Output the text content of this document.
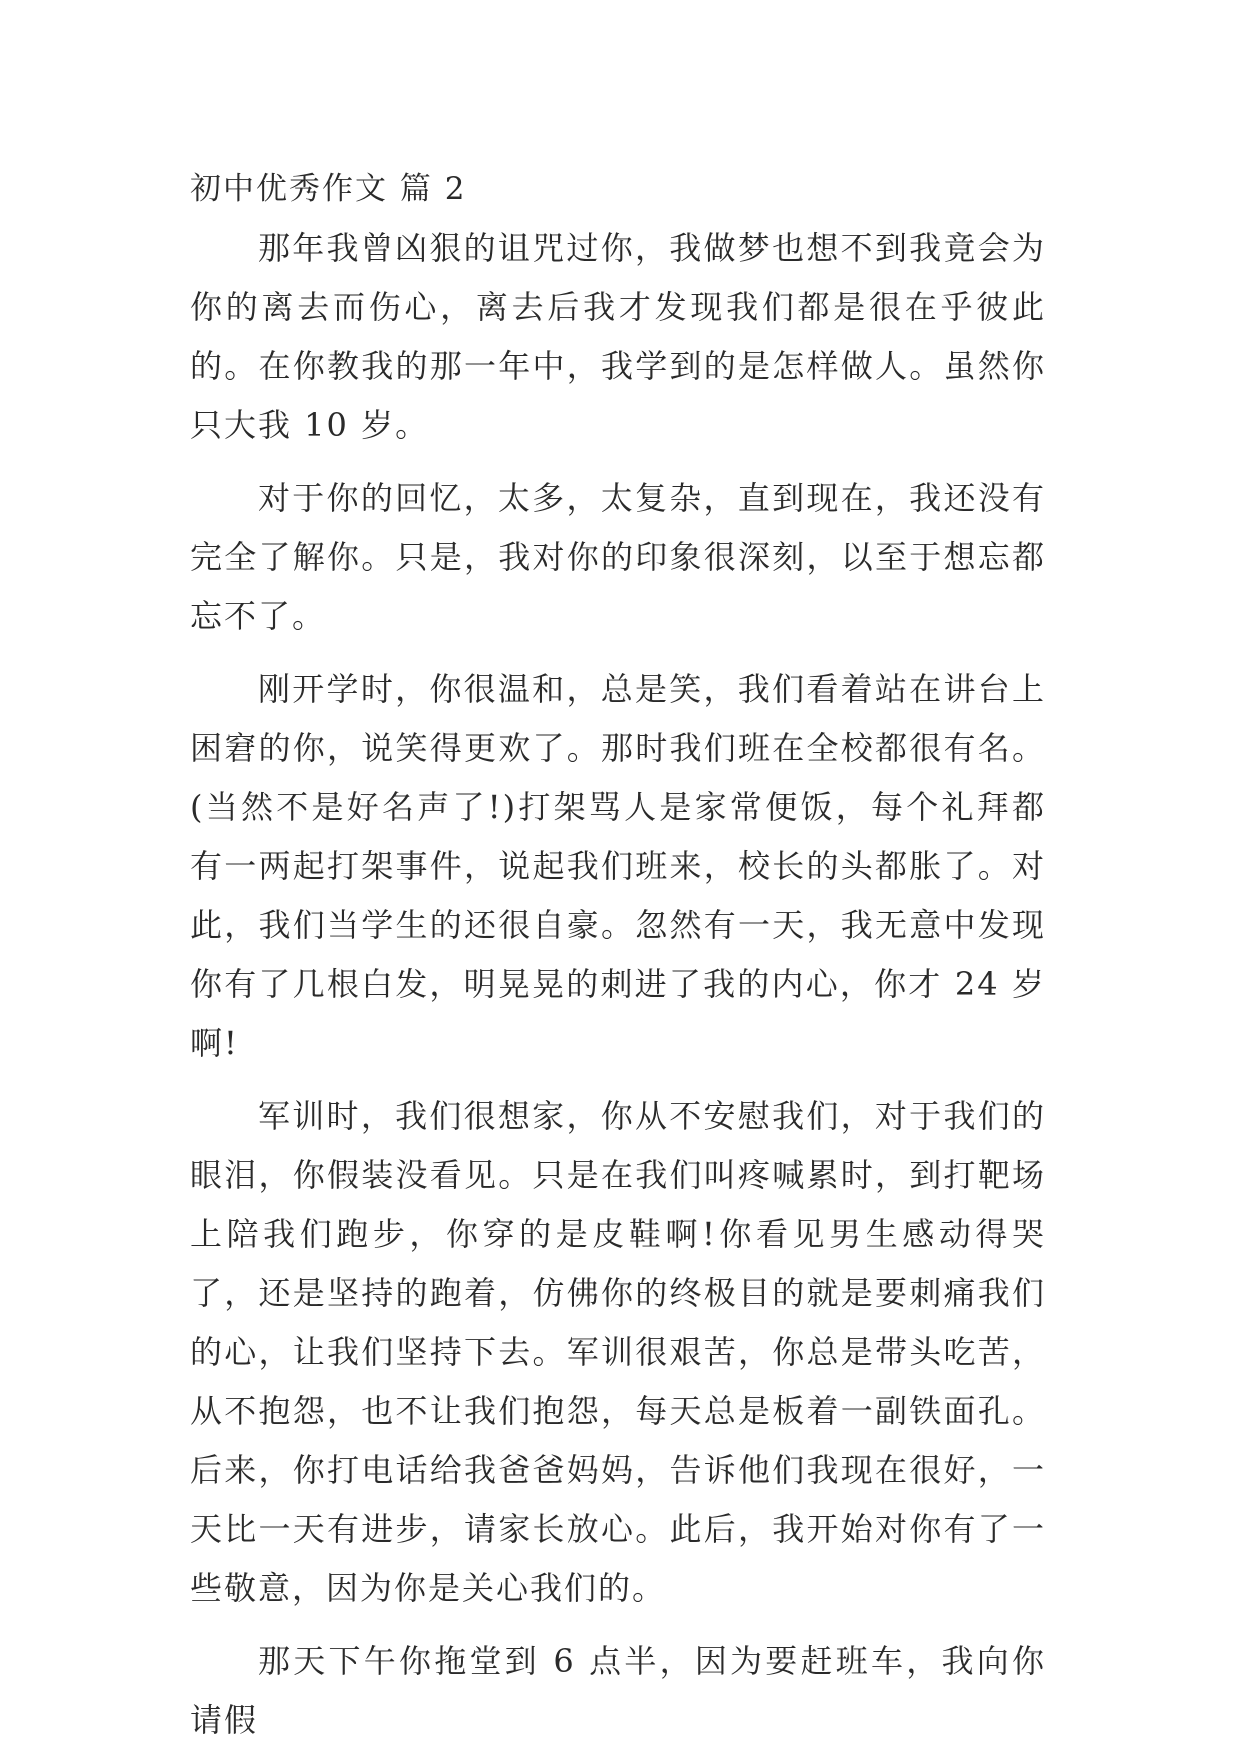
初中优秀作文 篇 2

那年我曾凶狠的诅咒过你，我做梦也想不到我竟会为你的离去而伤心，离去后我才发现我们都是很在乎彼此的。在你教我的那一年中，我学到的是怎样做人。虽然你只大我 10 岁。

对于你的回忆，太多，太复杂，直到现在，我还没有完全了解你。只是，我对你的印象很深刻，以至于想忘都忘不了。

刚开学时，你很温和，总是笑，我们看着站在讲台上困窘的你，说笑得更欢了。那时我们班在全校都很有名。(当然不是好名声了!)打架骂人是家常便饭，每个礼拜都有一两起打架事件，说起我们班来，校长的头都胀了。对此，我们当学生的还很自豪。忽然有一天，我无意中发现你有了几根白发，明晃晃的刺进了我的内心，你才 24 岁啊!

军训时，我们很想家，你从不安慰我们，对于我们的眼泪，你假装没看见。只是在我们叫疼喊累时，到打靶场上陪我们跑步，你穿的是皮鞋啊!你看见男生感动得哭了，还是坚持的跑着，仿佛你的终极目的就是要刺痛我们的心，让我们坚持下去。军训很艰苦，你总是带头吃苦，从不抱怨，也不让我们抱怨，每天总是板着一副铁面孔。后来，你打电话给我爸爸妈妈，告诉他们我现在很好，一天比一天有进步，请家长放心。此后，我开始对你有了一些敬意，因为你是关心我们的。

那天下午你拖堂到 6 点半，因为要赶班车，我向你请假
